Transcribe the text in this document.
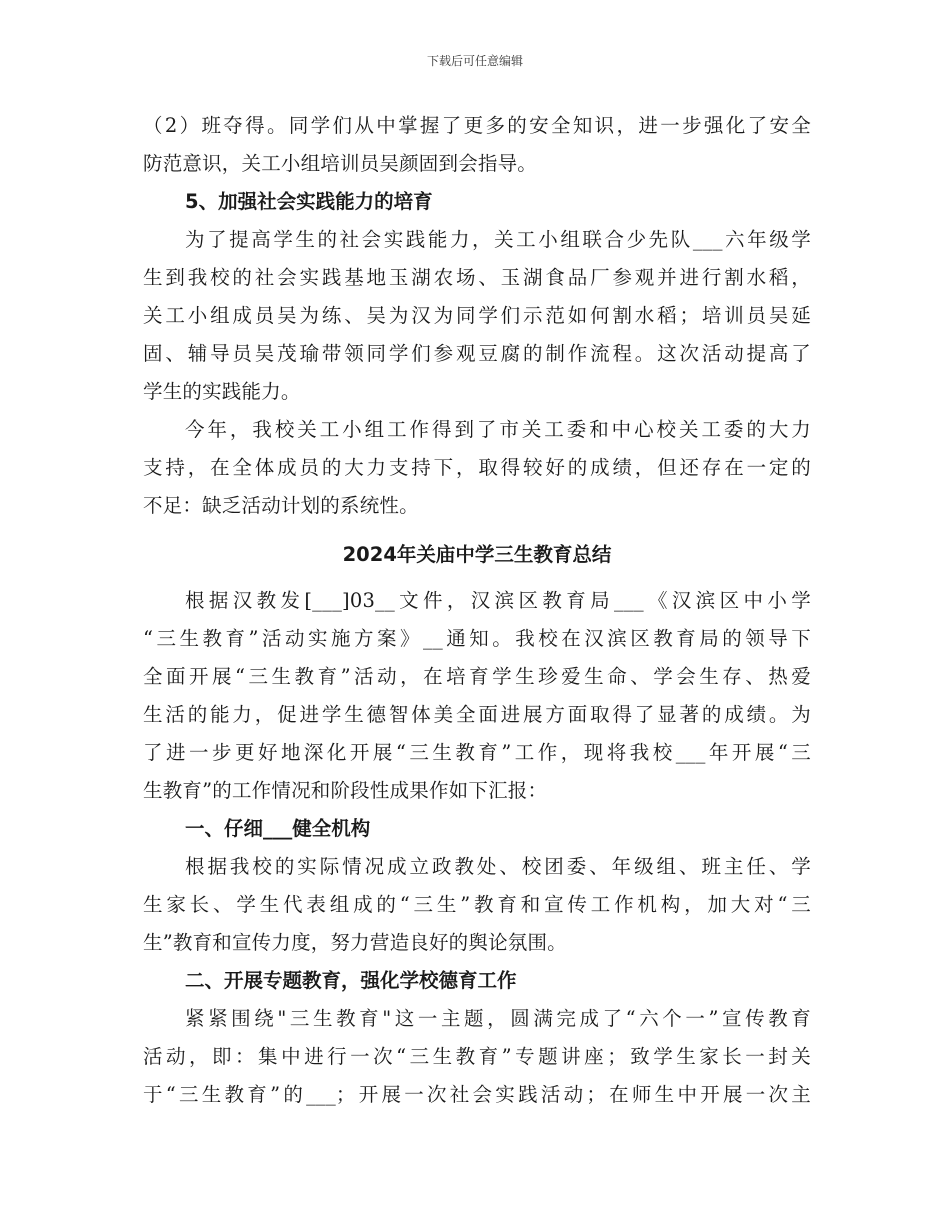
下载后可任意编辑
（2）班夺得。同学们从中掌握了更多的安全知识，进一步强化了安全
防范意识，关工小组培训员吴颜固到会指导。
5、加强社会实践能力的培育
为了提高学生的社会实践能力，关工小组联合少先队___六年级学
生到我校的社会实践基地玉湖农场、玉湖食品厂参观并进行割水稻，
关工小组成员吴为练、吴为汉为同学们示范如何割水稻；培训员吴延
固、辅导员吴茂瑜带领同学们参观豆腐的制作流程。这次活动提高了
学生的实践能力。
今年，我校关工小组工作得到了市关工委和中心校关工委的大力
支持，在全体成员的大力支持下，取得较好的成绩，但还存在一定的
不足：缺乏活动计划的系统性。
2024年关庙中学三生教育总结
根据汉教发[___]03__文件，汉滨区教育局___《汉滨区中小学
“三生教育”活动实施方案》__通知。我校在汉滨区教育局的领导下
全面开展“三生教育”活动，在培育学生珍爱生命、学会生存、热爱
生活的能力，促进学生德智体美全面进展方面取得了显著的成绩。为
了进一步更好地深化开展“三生教育”工作，现将我校___年开展“三
生教育”的工作情况和阶段性成果作如下汇报：
一、仔细___健全机构
根据我校的实际情况成立政教处、校团委、年级组、班主任、学
生家长、学生代表组成的“三生”教育和宣传工作机构，加大对“三
生”教育和宣传力度，努力营造良好的舆论氛围。
二、开展专题教育，强化学校德育工作
紧紧围绕"三生教育"这一主题，圆满完成了“六个一”宣传教育
活动，即：集中进行一次“三生教育”专题讲座；致学生家长一封关
于“三生教育”的___；开展一次社会实践活动；在师生中开展一次主
